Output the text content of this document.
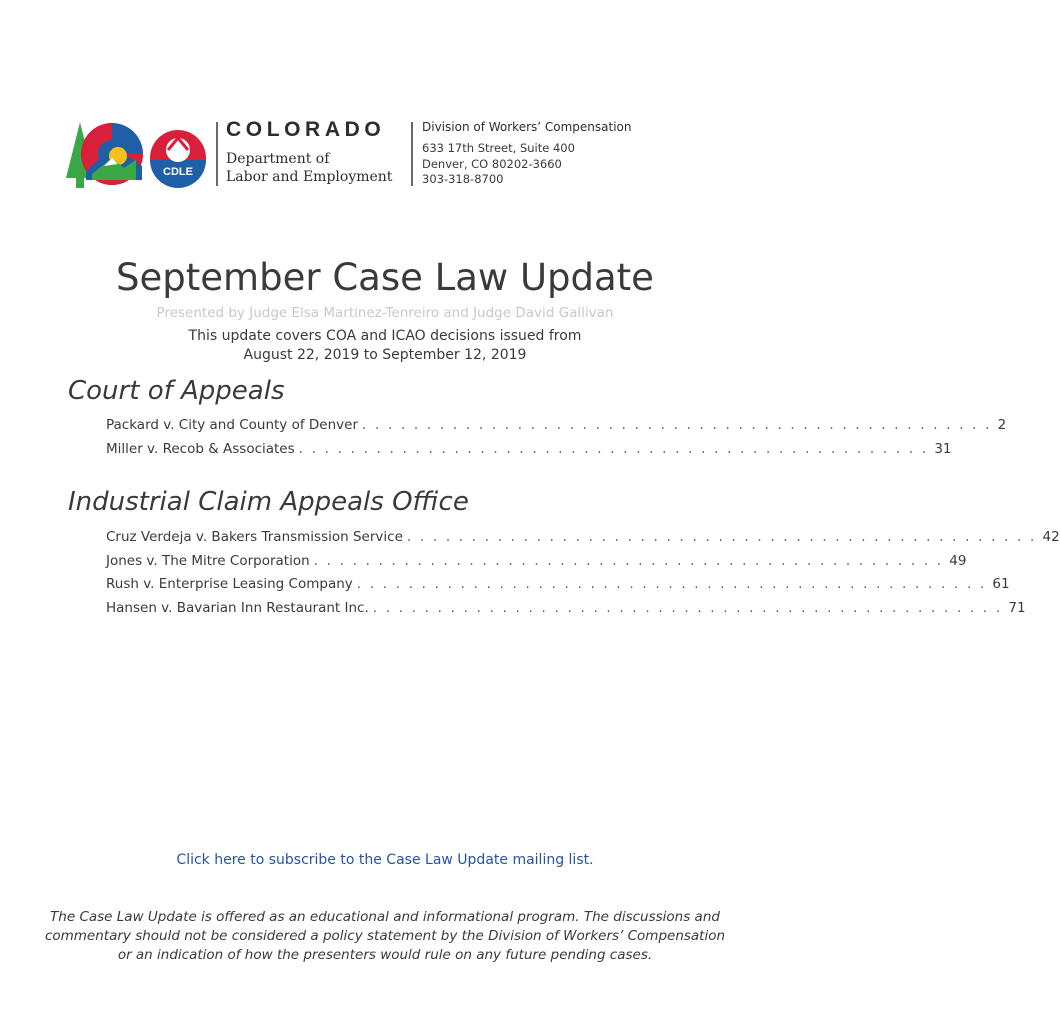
CDLE
COLORADO
Department of
Labor and Employment
Division of Workers’ Compensation
633 17th Street, Suite 400
Denver, CO 80202-3660
303-318-8700
September Case Law Update
Presented by Judge Elsa Martinez-Tenreiro and Judge David Gallivan
This update covers COA and ICAO decisions issued from
August 22, 2019 to September 12, 2019
Court of Appeals
Packard v. City and County of Denver . . . . . . . . . . . . . . . . . . . . . . . . . . . . . . . . . . . . . . . . . . . . . . . . . 2
Miller v. Recob & Associates . . . . . . . . . . . . . . . . . . . . . . . . . . . . . . . . . . . . . . . . . . . . . . . . . 31
Industrial Claim Appeals Office
Cruz Verdeja v. Bakers Transmission Service . . . . . . . . . . . . . . . . . . . . . . . . . . . . . . . . . . . . . . . . . . . . . . . . . 42
Jones v. The Mitre Corporation . . . . . . . . . . . . . . . . . . . . . . . . . . . . . . . . . . . . . . . . . . . . . . . . . 49
Rush v. Enterprise Leasing Company . . . . . . . . . . . . . . . . . . . . . . . . . . . . . . . . . . . . . . . . . . . . . . . . . 61
Hansen v. Bavarian Inn Restaurant Inc. . . . . . . . . . . . . . . . . . . . . . . . . . . . . . . . . . . . . . . . . . . . . . . . . . 71
Click here to subscribe to the Case Law Update mailing list.
The Case Law Update is offered as an educational and informational program. The discussions and commentary should not be considered a policy statement by the Division of Workers’ Compensation or an indication of how the presenters would rule on any future pending cases.
